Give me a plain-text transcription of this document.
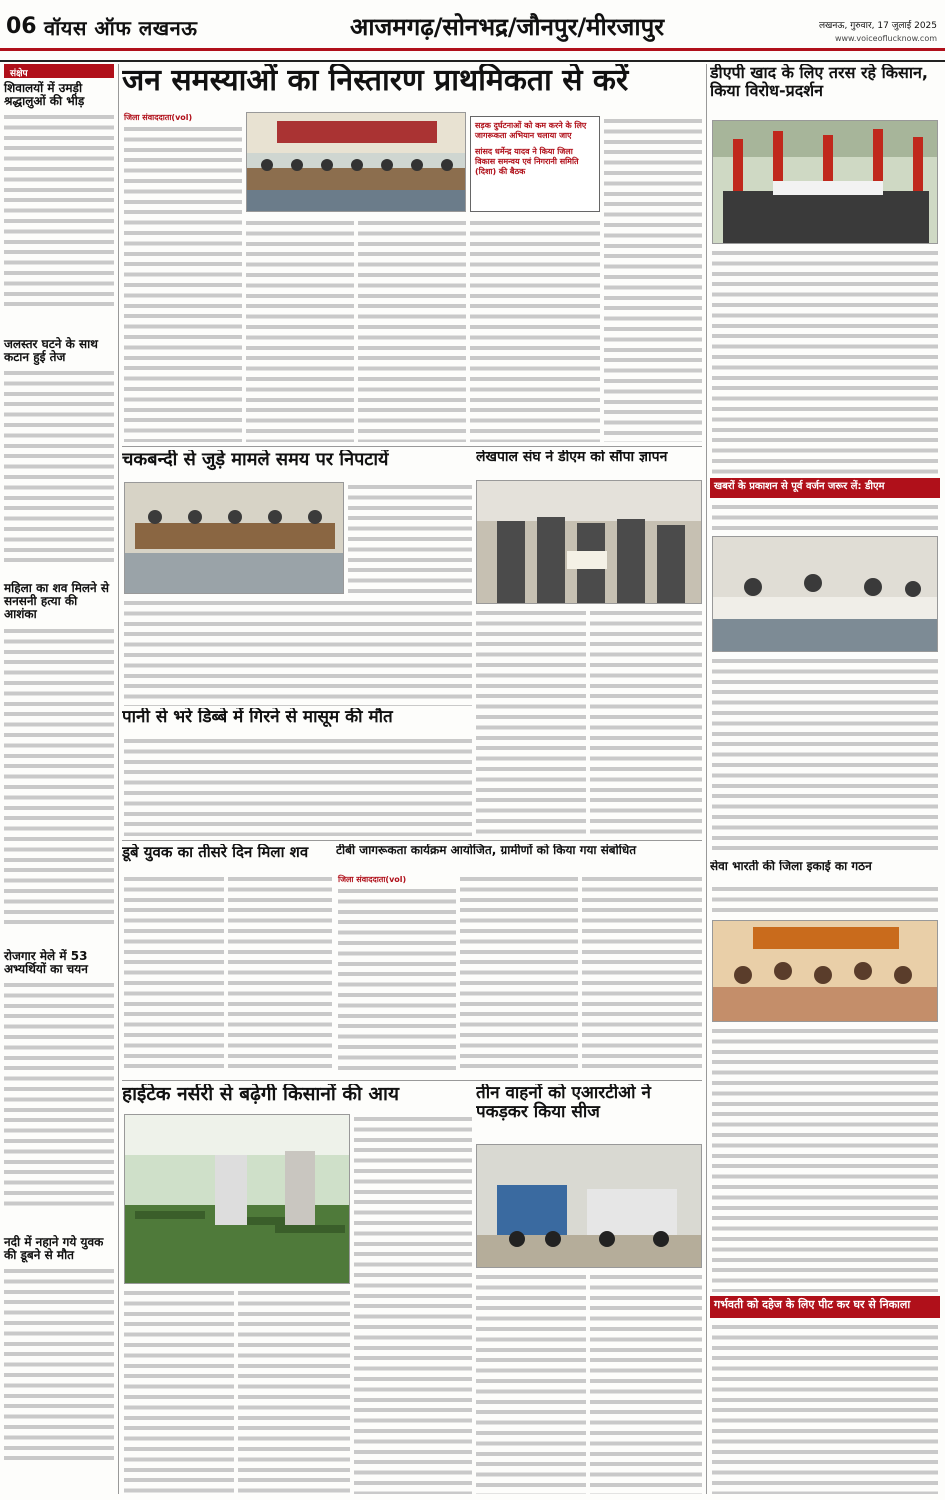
06 वॉयस ऑफ लखनऊ	आजमगढ़/सोनभद्र/जौनपुर/मीरजापुर	लखनऊ, गुरुवार, 17 जुलाई 2025
www.voiceoflucknow.com
संक्षेप
शिवालयों में उमड़ी श्रद्धालुओं की भीड़
जलस्तर घटने के साथ कटान हुई तेज
महिला का शव मिलने से सनसनी हत्या की आशंका
रोजगार मेले में 53 अभ्यर्थियों का चयन
नदी में नहाने गये युवक की डूबने से मौत
जन समस्याओं का निस्तारण प्राथमिकता से करें
जिला संवाददाता(vol)
सड़क दुर्घटनाओं को कम करने के लिए जागरूकता अभियान चलाया जाए
सांसद धर्मेन्द्र यादव ने किया जिला विकास समन्वय एवं निगरानी समिति (दिशा) की बैठक
चकबन्दी से जुड़े मामले समय पर निपटायें	लेखपाल संघ ने डीएम को सौंपा ज्ञापन
पानी से भरे डिब्बे में गिरने से मासूम की मौत
डूबे युवक का तीसरे दिन मिला शव	टीबी जागरूकता कार्यक्रम आयोजित, ग्रामीणों को किया गया संबोधित
जिला संवाददाता(vol)
हाईटेक नर्सरी से बढ़ेगी किसानों की आय	तीन वाहनों को एआरटीओ ने पकड़कर किया सीज
डीएपी खाद के लिए तरस रहे किसान, किया विरोध-प्रदर्शन
खबरों के प्रकाशन से पूर्व वर्जन जरूर लें: डीएम
सेवा भारती की जिला इकाई का गठन
गर्भवती को दहेज के लिए पीट कर घर से निकाला
